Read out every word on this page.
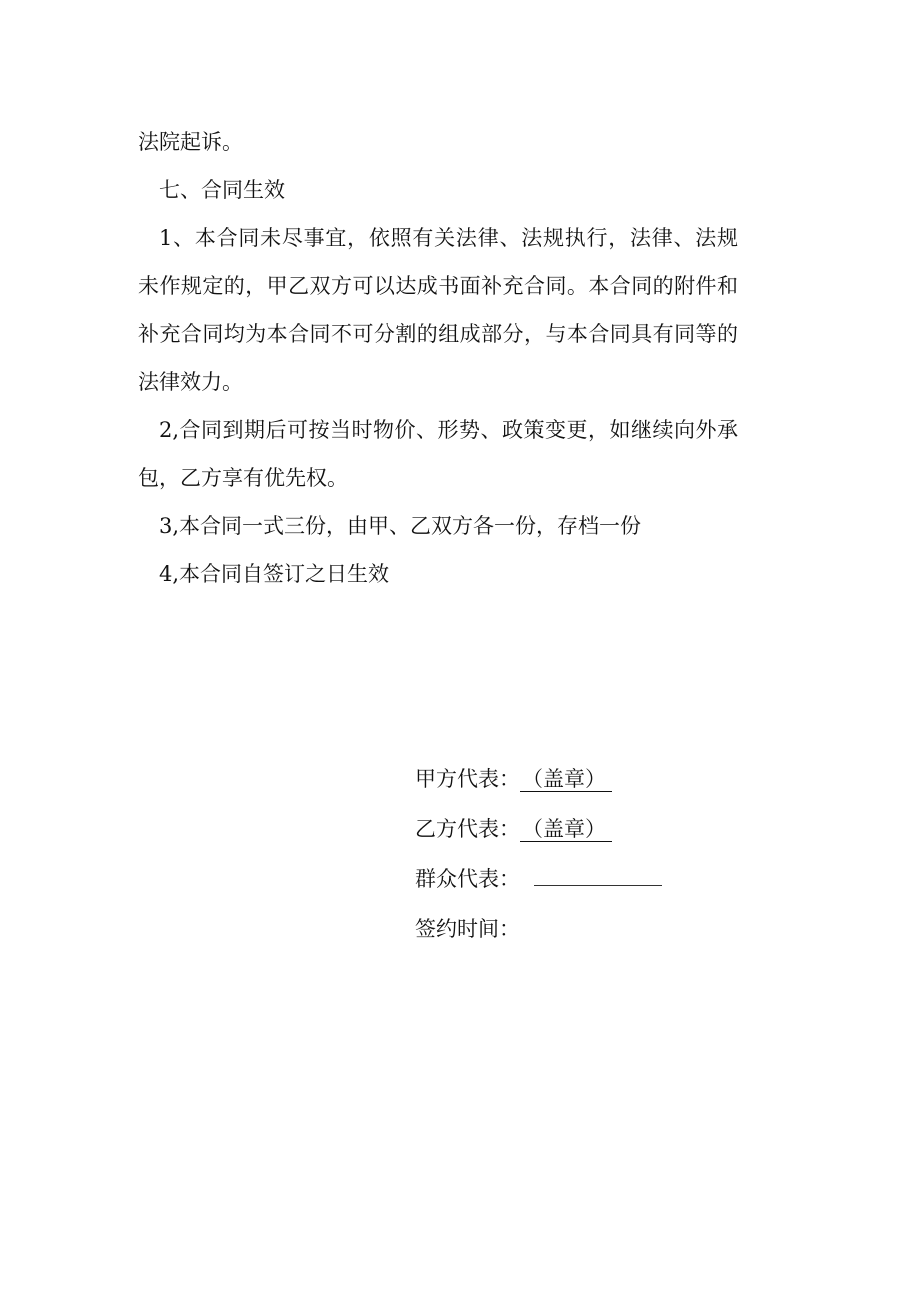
法院起诉。

七、合同生效

1、本合同未尽事宜，依照有关法律、法规执行，法律、法规未作规定的，甲乙双方可以达成书面补充合同。本合同的附件和补充合同均为本合同不可分割的组成部分，与本合同具有同等的法律效力。

2,合同到期后可按当时物价、形势、政策变更，如继续向外承包，乙方享有优先权。

3,本合同一式三份，由甲、乙双方各一份，存档一份

4,本合同自签订之日生效

甲方代表： （盖章）
乙方代表： （盖章）
群众代表：
签约时间：
